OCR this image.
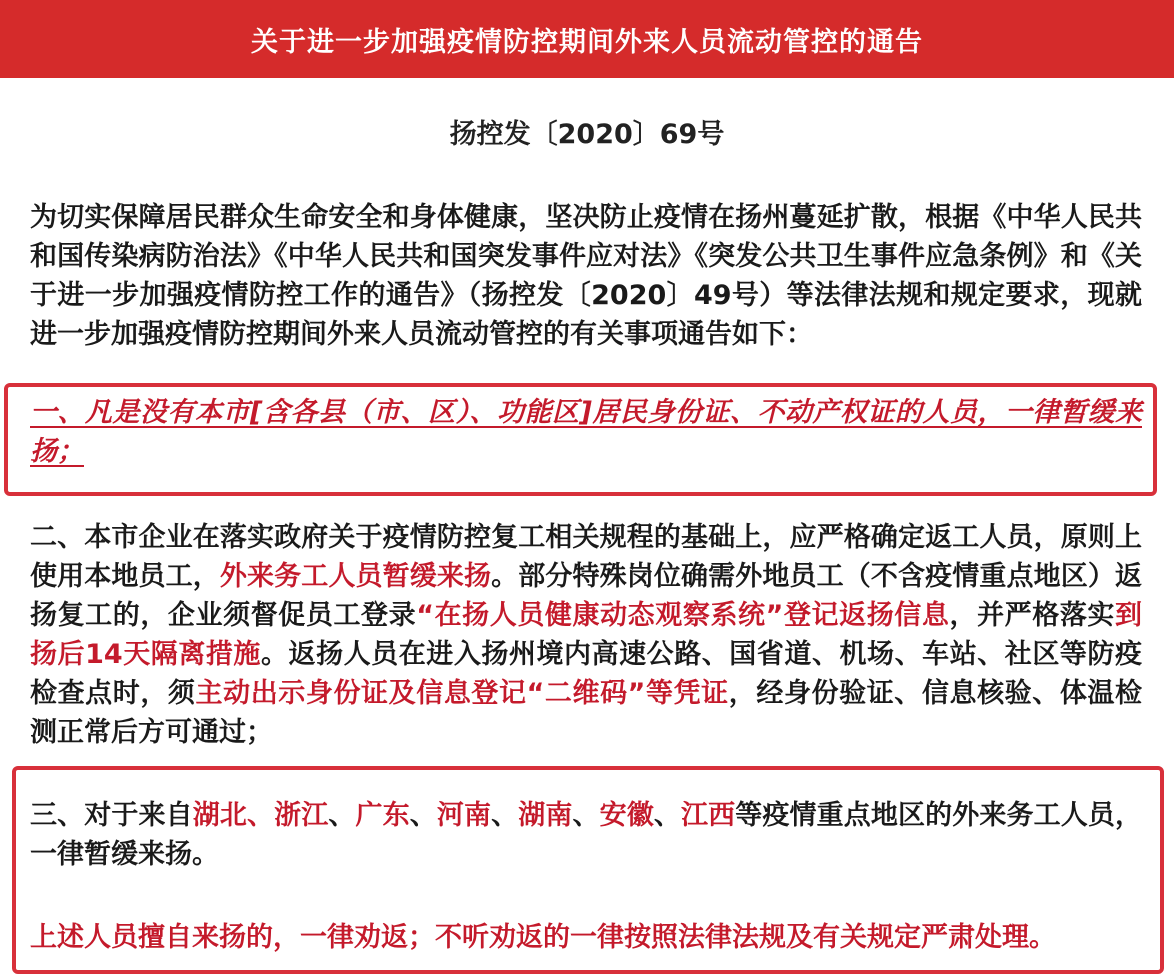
关于进一步加强疫情防控期间外来人员流动管控的通告
扬控发〔2020〕69号

为切实保障居民群众生命安全和身体健康，坚决防止疫情在扬州蔓延扩散，根据《中华人民共和国传染病防治法》《中华人民共和国突发事件应对法》《突发公共卫生事件应急条例》和《关于进一步加强疫情防控工作的通告》（扬控发〔2020〕49号）等法律法规和规定要求，现就进一步加强疫情防控期间外来人员流动管控的有关事项通告如下：

一、凡是没有本市[含各县（市、区）、功能区]居民身份证、不动产权证的人员，一律暂缓来扬；

二、本市企业在落实政府关于疫情防控复工相关规程的基础上，应严格确定返工人员，原则上使用本地员工，外来务工人员暂缓来扬。部分特殊岗位确需外地员工（不含疫情重点地区）返扬复工的，企业须督促员工登录“在扬人员健康动态观察系统”登记返扬信息，并严格落实到扬后14天隔离措施。返扬人员在进入扬州境内高速公路、国省道、机场、车站、社区等防疫检查点时，须主动出示身份证及信息登记“二维码”等凭证，经身份验证、信息核验、体温检测正常后方可通过；

三、对于来自湖北、浙江、广东、河南、湖南、安徽、江西等疫情重点地区的外来务工人员，一律暂缓来扬。

上述人员擅自来扬的，一律劝返；不听劝返的一律按照法律法规及有关规定严肃处理。
